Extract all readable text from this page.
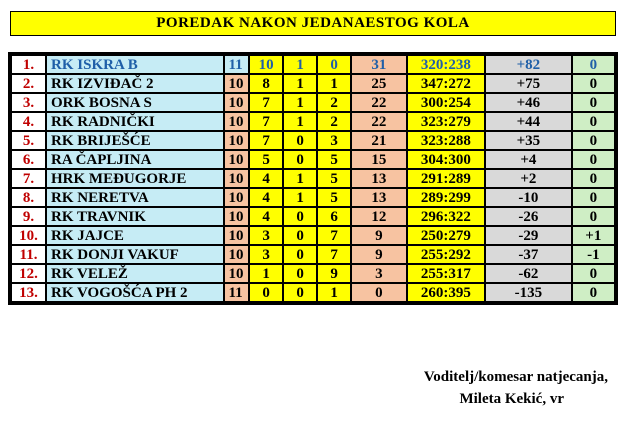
POREDAK NAKON JEDANAESTOG KOLA
1.	RK ISKRA B	11	10	1	0	31	320:238	+82	0
2.	RK IZVIĐAČ 2	10	8	1	1	25	347:272	+75	0
3.	ORK BOSNA S	10	7	1	2	22	300:254	+46	0
4.	RK RADNIČKI	10	7	1	2	22	323:279	+44	0
5.	RK BRIJEŠĆE	10	7	0	3	21	323:288	+35	0
6.	RA ČAPLJINA	10	5	0	5	15	304:300	+4	0
7.	HRK MEĐUGORJE	10	4	1	5	13	291:289	+2	0
8.	RK NERETVA	10	4	1	5	13	289:299	-10	0
9.	RK TRAVNIK	10	4	0	6	12	296:322	-26	0
10.	RK JAJCE	10	3	0	7	9	250:279	-29	+1
11.	RK DONJI VAKUF	10	3	0	7	9	255:292	-37	-1
12.	RK VELEŽ	10	1	0	9	3	255:317	-62	0
13.	RK VOGOŠĆA PH 2	11	0	0	1	0	260:395	-135	0
Voditelj/komesar natjecanja,
Mileta Kekić, vr
